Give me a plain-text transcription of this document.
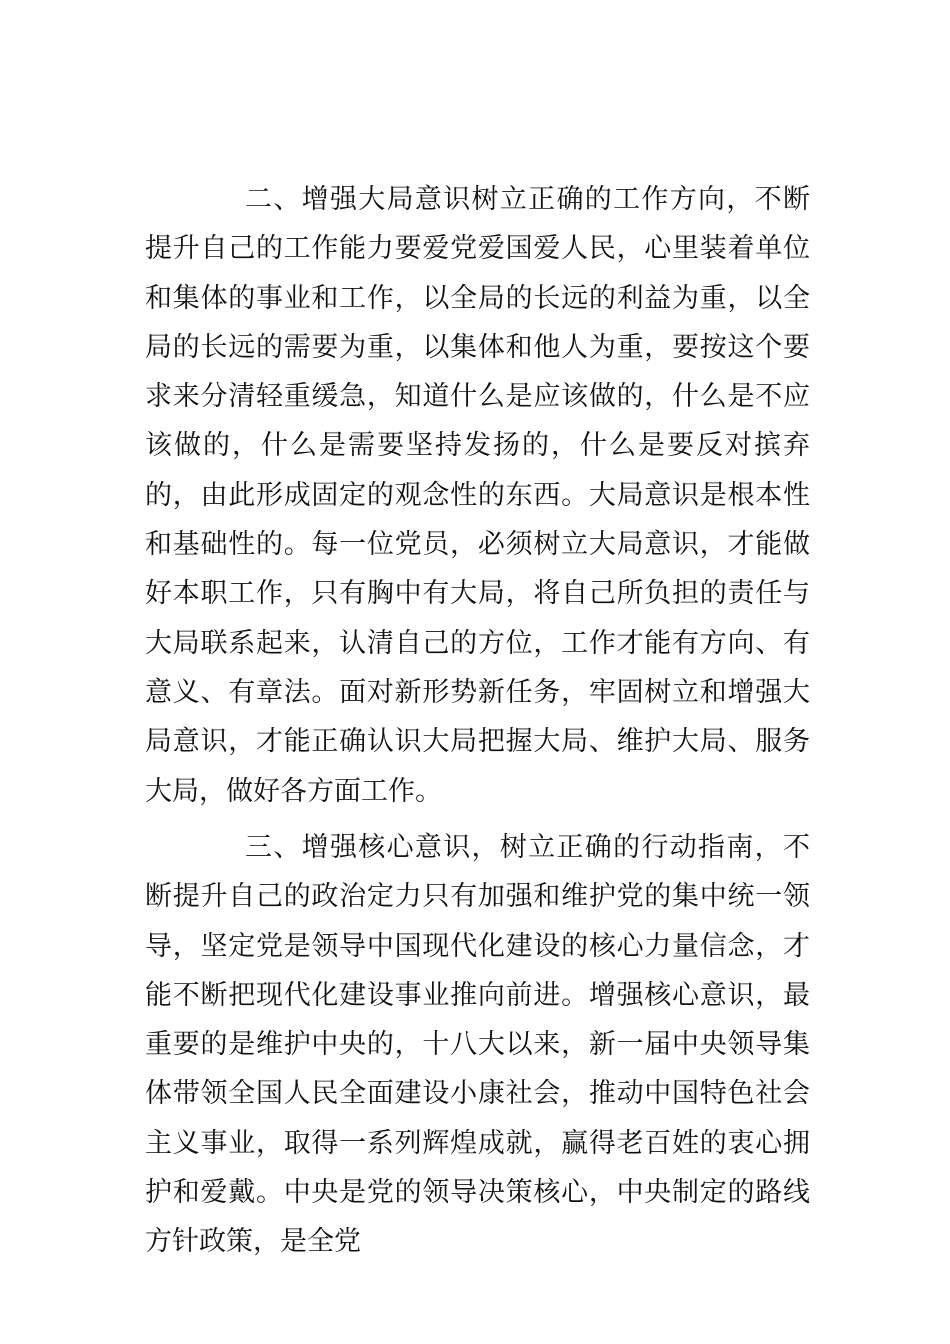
二、增强大局意识树立正确的工作方向，不断提升自己的工作能力要爱党爱国爱人民，心里装着单位和集体的事业和工作，以全局的长远的利益为重，以全局的长远的需要为重，以集体和他人为重，要按这个要求来分清轻重缓急，知道什么是应该做的，什么是不应该做的，什么是需要坚持发扬的，什么是要反对摈弃的，由此形成固定的观念性的东西。大局意识是根本性和基础性的。每一位党员，必须树立大局意识，才能做好本职工作，只有胸中有大局，将自己所负担的责任与大局联系起来，认清自己的方位，工作才能有方向、有意义、有章法。面对新形势新任务，牢固树立和增强大局意识，才能正确认识大局把握大局、维护大局、服务大局，做好各方面工作。

三、增强核心意识，树立正确的行动指南，不断提升自己的政治定力只有加强和维护党的集中统一领导，坚定党是领导中国现代化建设的核心力量信念，才能不断把现代化建设事业推向前进。增强核心意识，最重要的是维护中央的，十八大以来，新一届中央领导集体带领全国人民全面建设小康社会，推动中国特色社会主义事业，取得一系列辉煌成就，赢得老百姓的衷心拥护和爱戴。中央是党的领导决策核心，中央制定的路线方针政策，是全党
